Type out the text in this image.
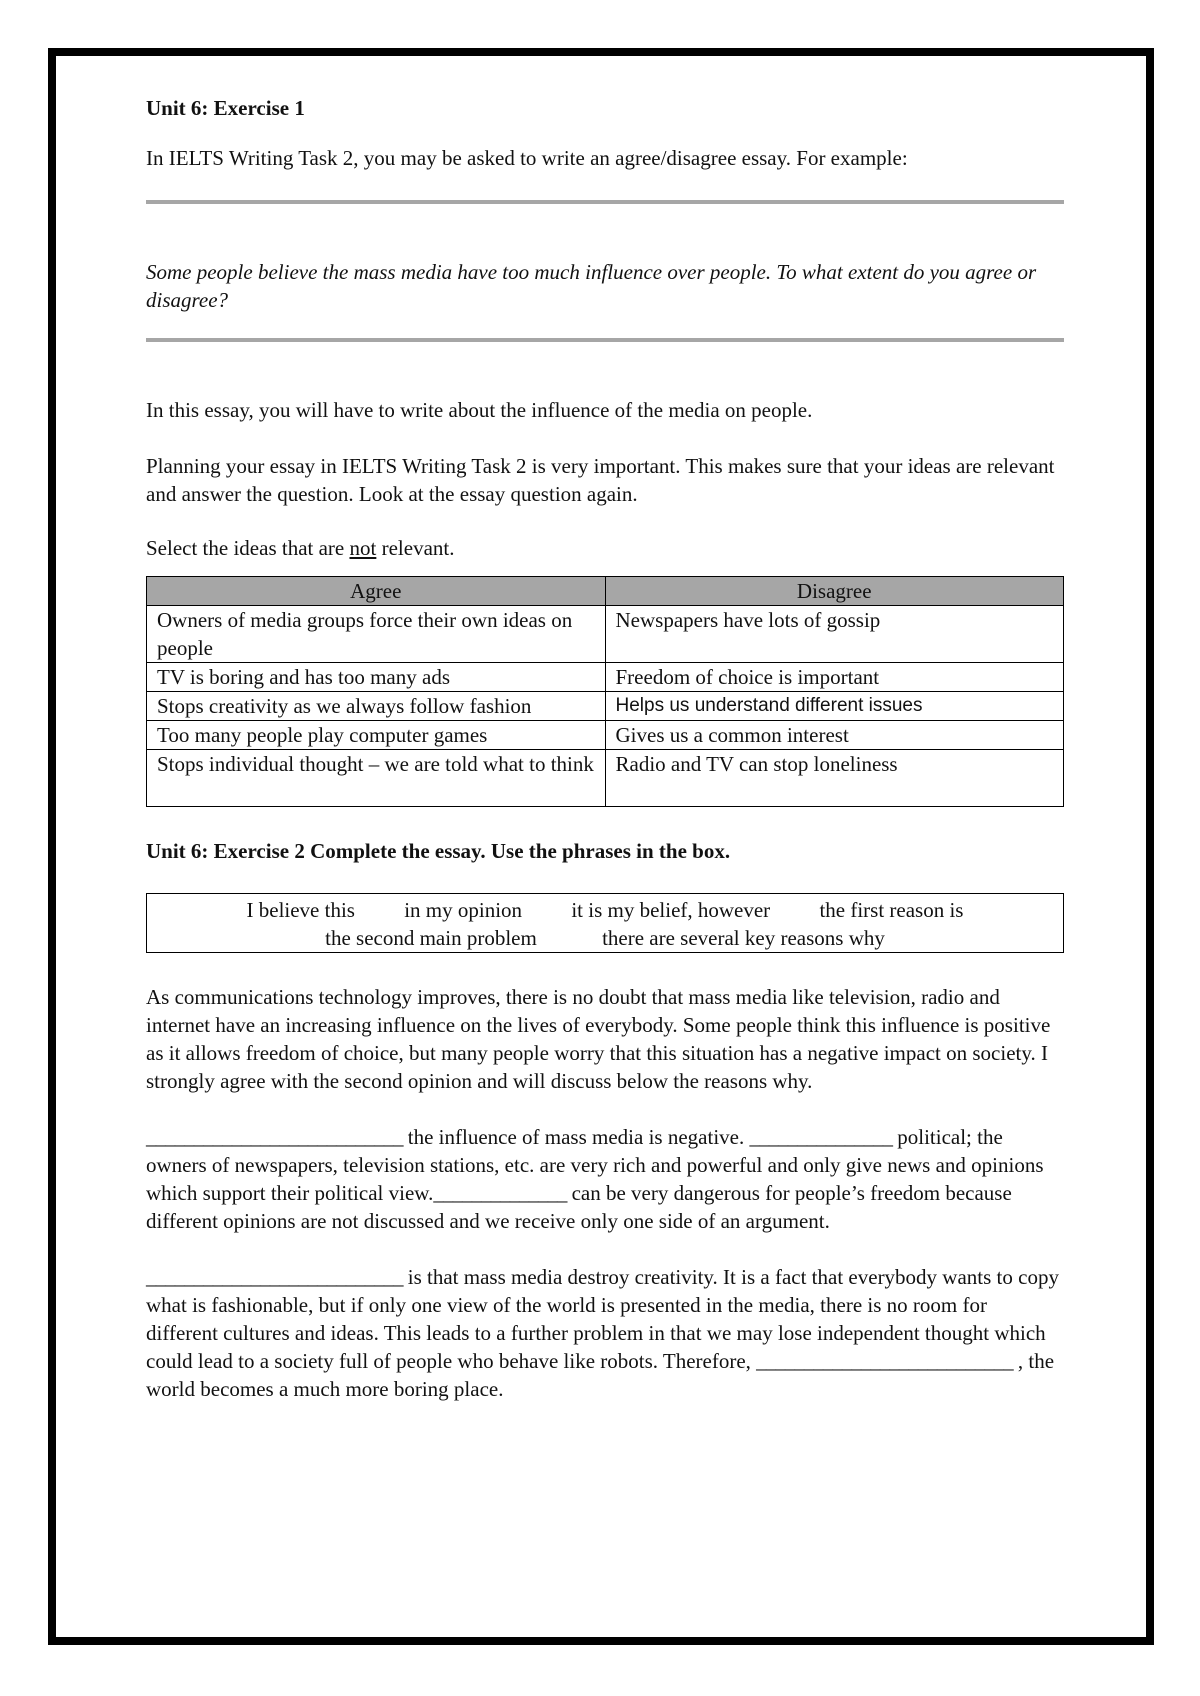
Unit 6: Exercise 1

In IELTS Writing Task 2, you may be asked to write an agree/disagree essay. For example:

Some people believe the mass media have too much influence over people. To what extent do you agree or disagree?

In this essay, you will have to write about the influence of the media on people.

Planning your essay in IELTS Writing Task 2 is very important. This makes sure that your ideas are relevant and answer the question. Look at the essay question again.

Select the ideas that are not relevant.

Agree	Disagree
Owners of media groups force their own ideas on people	Newspapers have lots of gossip
TV is boring and has too many ads	Freedom of choice is important
Stops creativity as we always follow fashion	Helps us understand different issues
Too many people play computer games	Gives us a common interest
Stops individual thought – we are told what to think	Radio and TV can stop loneliness

Unit 6: Exercise 2 Complete the essay. Use the phrases in the box.

I believe this in my opinion it is my belief, however the first reason is
the second main problem	there are several key reasons why

As communications technology improves, there is no doubt that mass media like television, radio and internet have an increasing influence on the lives of everybody. Some people think this influence is positive as it allows freedom of choice, but many people worry that this situation has a negative impact on society. I strongly agree with the second opinion and will discuss below the reasons why.

___________________________ the influence of mass media is negative. _______________ political; the owners of newspapers, television stations, etc. are very rich and powerful and only give news and opinions which support their political view.______________ can be very dangerous for people’s freedom because different opinions are not discussed and we receive only one side of an argument.

___________________________ is that mass media destroy creativity. It is a fact that everybody wants to copy what is fashionable, but if only one view of the world is presented in the media, there is no room for different cultures and ideas. This leads to a further problem in that we may lose independent thought which could lead to a society full of people who behave like robots. Therefore, ___________________________ , the world becomes a much more boring place.
